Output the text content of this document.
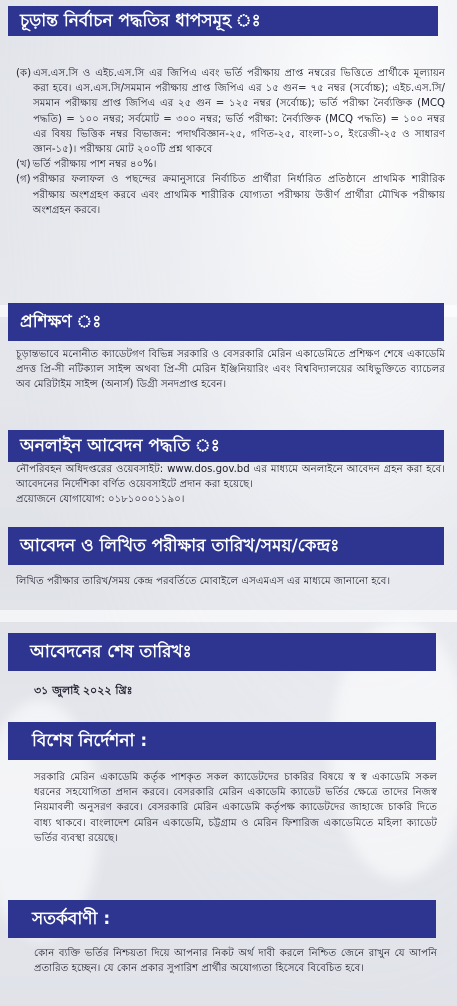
চূড়ান্ত নির্বাচন পদ্ধতির ধাপসমূহ ঃ
(ক) এস.এস.সি ও এইচ.এস.সি এর জিপিএ এবং ভর্তি পরীক্ষায় প্রাপ্ত নম্বরের ভিত্তিতে প্রার্থীকে মূল্যায়ন করা হবে। এস.এস.সি/সমমান পরীক্ষায় প্রাপ্ত জিপিএ এর ১৫ গুন= ৭৫ নম্বর (সর্বোচ্চ); এইচ.এস.সি/সমমান পরীক্ষায় প্রাপ্ত জিপিএ এর ২৫ গুন = ১২৫ নম্বর (সর্বোচ্চ); ভর্তি পরীক্ষা নৈর্ব্যক্তিক (MCQ পদ্ধতি) = ১০০ নম্বর; সর্বমোট = ৩০০ নম্বর; ভর্তি পরীক্ষা: নৈর্ব্যক্তিক (MCQ পদ্ধতি) = ১০০ নম্বর এর বিষয় ভিত্তিক নম্বর বিভাজন: পদার্থবিজ্ঞান-২৫, গণিত-২৫, বাংলা-১০, ইংরেজী-২৫ ও সাধারণ জ্ঞান-১৫)। পরীক্ষায় মোট ২০০টি প্রশ্ন থাকবে
(খ) ভর্তি পরীক্ষায় পাশ নম্বর ৪০%।
(গ) পরীক্ষার ফলাফল ও পছন্দের ক্রমানুসারে নির্বাচিত প্রার্থীরা নির্ধারিত প্রতিষ্ঠানে প্রাথমিক শারীরিক পরীক্ষায় অংশগ্রহণ করবে এবং প্রাথমিক শারীরিক যোগ্যতা পরীক্ষায় উত্তীর্ণ প্রার্থীরা মৌখিক পরীক্ষায় অংশগ্রহন করবে।
প্রশিক্ষণ ঃ

চূড়ান্তভাবে মনোনীত ক্যাডেটগণ বিভিন্ন সরকারি ও বেসরকারি মেরিন একাডেমিতে প্রশিক্ষণ শেষে একাডেমি প্রদত্ত প্রি-সী নটিক্যাল সাইন্স অথবা প্রি-সী মেরিন ইঞ্জিনিয়ারিং এবং বিশ্ববিদ্যালয়ের অধিভুক্তিতে ব্যাচেলর অব মেরিটাইম সাইন্স (অনার্স) ডিগ্রী সনদপ্রাপ্ত হবেন।

অনলাইন আবেদন পদ্ধতি ঃ

নৌপরিবহন অধিদপ্তরের ওয়েবসাইট: www.dos.gov.bd এর মাধ্যমে অনলাইনে আবেদন গ্রহন করা হবে। আবেদনের নির্দেশিকা বর্ণিত ওয়েবসাইটে প্রদান করা হয়েছে।

প্রয়োজনে যোগাযোগ: ০১৮১০০০১১৯০।

আবেদন ও লিখিত পরীক্ষার তারিখ/সময়/কেন্দ্রঃ

লিখিত পরীক্ষার তারিখ/সময় কেন্দ্র পরবর্তিতে মোবাইলে এসএমএস এর মাধ্যমে জানানো হবে।

আবেদনের শেষ তারিখঃ

৩১ জুলাই ২০২২ খ্রিঃ

বিশেষ নির্দেশনা :

সরকারি মেরিন একাডেমি কর্তৃক পাশকৃত সকল ক্যাডেটদের চাকরির বিষয়ে স্ব স্ব একাডেমি সকল ধরনের সহযোগিতা প্রদান করবে। বেসরকারি মেরিন একাডেমি ক্যাডেট ভর্তির ক্ষেত্রে তাদের নিজস্ব নিয়মাবলী অনুসরণ করবে। বেসরকারি মেরিন একাডেমি কর্তৃপক্ষ ক্যাডেটদের জাহাজে চাকরি দিতে বাধ্য থাকবে। বাংলাদেশ মেরিন একাডেমি, চট্টগ্রাম ও মেরিন ফিশারিজ একাডেমিতে মহিলা ক্যাডেট ভর্তির ব্যবস্থা রয়েছে।

সতর্কবাণী :

কোন ব্যক্তি ভর্তির নিশ্চয়তা দিয়ে আপনার নিকট অর্থ দাবী করলে নিশ্চিত জেনে রাখুন যে আপনি প্রতারিত হচ্ছেন। যে কোন প্রকার সুপারিশ প্রার্থীর অযোগ্যতা হিসেবে বিবেচিত হবে।
